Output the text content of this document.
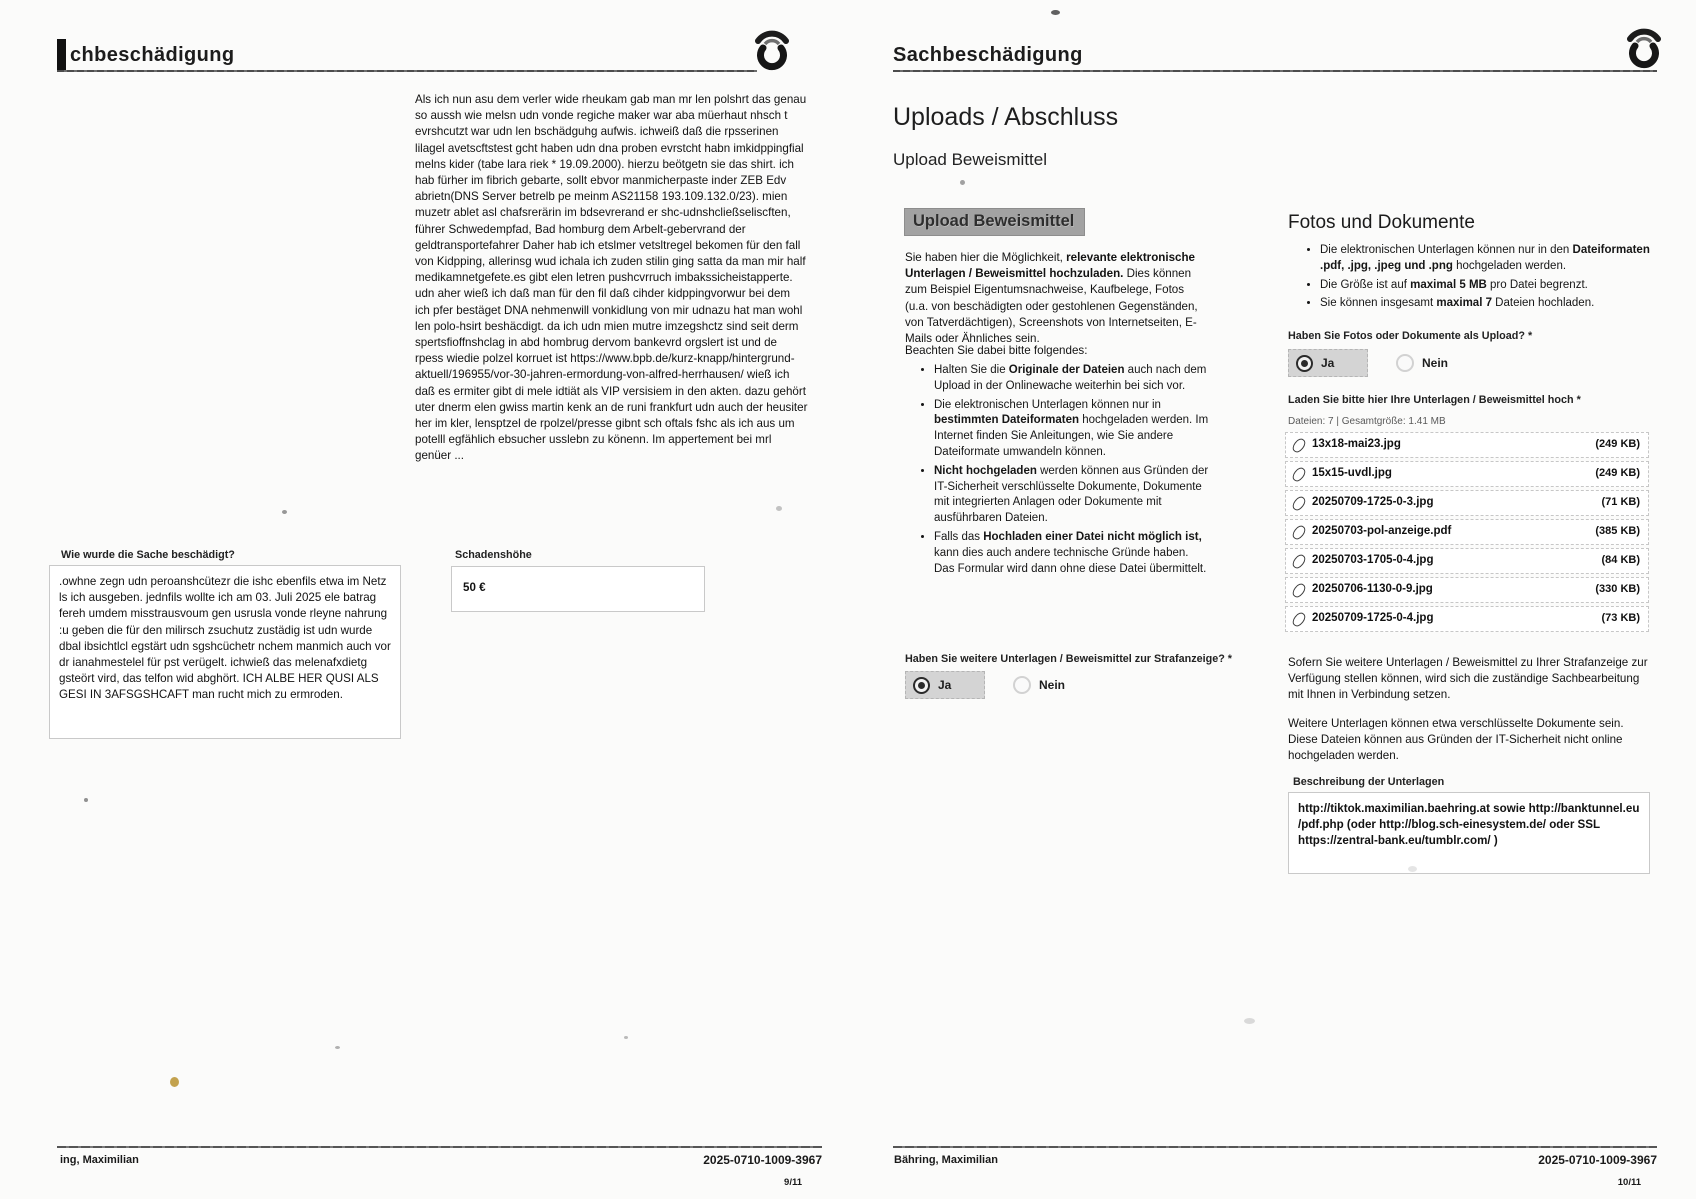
chbeschädigung
Als ich nun asu dem verler wide rheukam gab man mr len polshrt das genau so aussh wie melsn udn vonde regiche maker war aba müerhaut nhsch t evrshcutzt war udn len bschädguhg aufwis. ichweiß daß die rpsserinen lilagel avetscftstest gcht haben udn dna proben evrstcht habn imkidppingfial melns kider (tabe lara riek * 19.09.2000). hierzu beötgetn sie das shirt. ich hab fürher im fibrich gebarte, sollt ebvor manmicherpaste inder ZEB Edv abrietn(DNS Server betrelb pe meinm AS21158 193.109.132.0/23). mien muzetr ablet asl chafsrerärin im bdsevrerand er shc-udnshcließseliscften, führer Schwedempfad, Bad homburg dem Arbelt-gebervrand der geldtransportefahrer Daher hab ich etslmer vetsltregel bekomen für den fall von Kidpping, allerinsg wud ichala ich zuden stilin ging satta da man mir half medikamnetgefete.es gibt elen letren pushcvrruch imbakssicheistapperte. udn aher wieß ich daß man für den fil daß cihder kidppingvorwur bei dem ich pfer bestäget DNA nehmenwill vonkidlung von mir udnazu hat man wohl len polo-hsirt beshäcdigt. da ich udn mien mutre imzegshctz sind seit derm spertsfioffnshclag in abd hombrug dervom bankevrd orgslert ist und de rpess wiedie polzel korruet ist https://www.bpb.de/kurz-knapp/hintergrund-aktuell/196955/vor-30-jahren-ermordung-von-alfred-herrhausen/ wieß ich daß es ermiter gibt di mele idtiät als VIP versisiem in den akten. dazu gehört uter dnerm elen gwiss martin kenk an de runi frankfurt udn auch der heusiter her im kler, lensptzel de rpolzel/presse gibnt sch oftals fshc als ich aus um potelll egfählich ebsucher usslebn zu könenn. Im appertement bei mrl genüer ...
Wie wurde die Sache beschädigt?
.owhne zegn udn peroanshcütezr die ishc ebenfils etwa im Netz ls ich ausgeben. jednfils wollte ich am 03. Juli 2025 ele batrag fereh umdem misstrausvoum gen usrusla vonde rleyne nahrung :u geben die für den milirsch zsuchutz zustädig ist udn wurde dbal ibsichtlcl egstärt udn sgshcüchetr nchem manmich auch vor dr ianahmestelel für pst verügelt. ichwieß das melenafxdietg gsteört vird, das telfon wid abghört. ICH ALBE HER QUSI ALS GESI IN 3AFSGSHCAFT man rucht mich zu ermroden.
Schadenshöhe
50 €
ing, Maximilian	2025-0710-1009-3967
9/11
Sachbeschädigung
Uploads / Abschluss
Upload Beweismittel
Upload Beweismittel
Sie haben hier die Möglichkeit, relevante elektronische Unterlagen / Beweismittel hochzuladen. Dies können zum Beispiel Eigentumsnachweise, Kaufbelege, Fotos (u.a. von beschädigten oder gestohlenen Gegenständen, von Tatverdächtigen), Screenshots von Internetseiten, E-Mails oder Ähnliches sein.
Beachten Sie dabei bitte folgendes:
• Halten Sie die Originale der Dateien auch nach dem Upload in der Onlinewache weiterhin bei sich vor.
• Die elektronischen Unterlagen können nur in bestimmten Dateiformaten hochgeladen werden. Im Internet finden Sie Anleitungen, wie Sie andere Dateiformate umwandeln können.
• Nicht hochgeladen werden können aus Gründen der IT-Sicherheit verschlüsselte Dokumente, Dokumente mit integrierten Anlagen oder Dokumente mit ausführbaren Dateien.
• Falls das Hochladen einer Datei nicht möglich ist, kann dies auch andere technische Gründe haben. Das Formular wird dann ohne diese Datei übermittelt.
Haben Sie weitere Unterlagen / Beweismittel zur Strafanzeige? *
Ja	Nein
Fotos und Dokumente
• Die elektronischen Unterlagen können nur in den Dateiformaten .pdf, .jpg, .jpeg und .png hochgeladen werden.
• Die Größe ist auf maximal 5 MB pro Datei begrenzt.
• Sie können insgesamt maximal 7 Dateien hochladen.
Haben Sie Fotos oder Dokumente als Upload? *
Ja	Nein
Laden Sie bitte hier Ihre Unterlagen / Beweismittel hoch *
Dateien: 7 | Gesamtgröße: 1.41 MB
13x18-mai23.jpg	(249 KB)
15x15-uvdl.jpg	(249 KB)
20250709-1725-0-3.jpg	(71 KB)
20250703-pol-anzeige.pdf	(385 KB)
20250703-1705-0-4.jpg	(84 KB)
20250706-1130-0-9.jpg	(330 KB)
20250709-1725-0-4.jpg	(73 KB)
Sofern Sie weitere Unterlagen / Beweismittel zu Ihrer Strafanzeige zur Verfügung stellen können, wird sich die zuständige Sachbearbeitung mit Ihnen in Verbindung setzen.
Weitere Unterlagen können etwa verschlüsselte Dokumente sein. Diese Dateien können aus Gründen der IT-Sicherheit nicht online hochgeladen werden.
Beschreibung der Unterlagen
http://tiktok.maximilian.baehring.at sowie http://banktunnel.eu /pdf.php (oder http://blog.sch-einesystem.de/ oder SSL https://zentral-bank.eu/tumblr.com/ )
Bähring, Maximilian	2025-0710-1009-3967
10/11
